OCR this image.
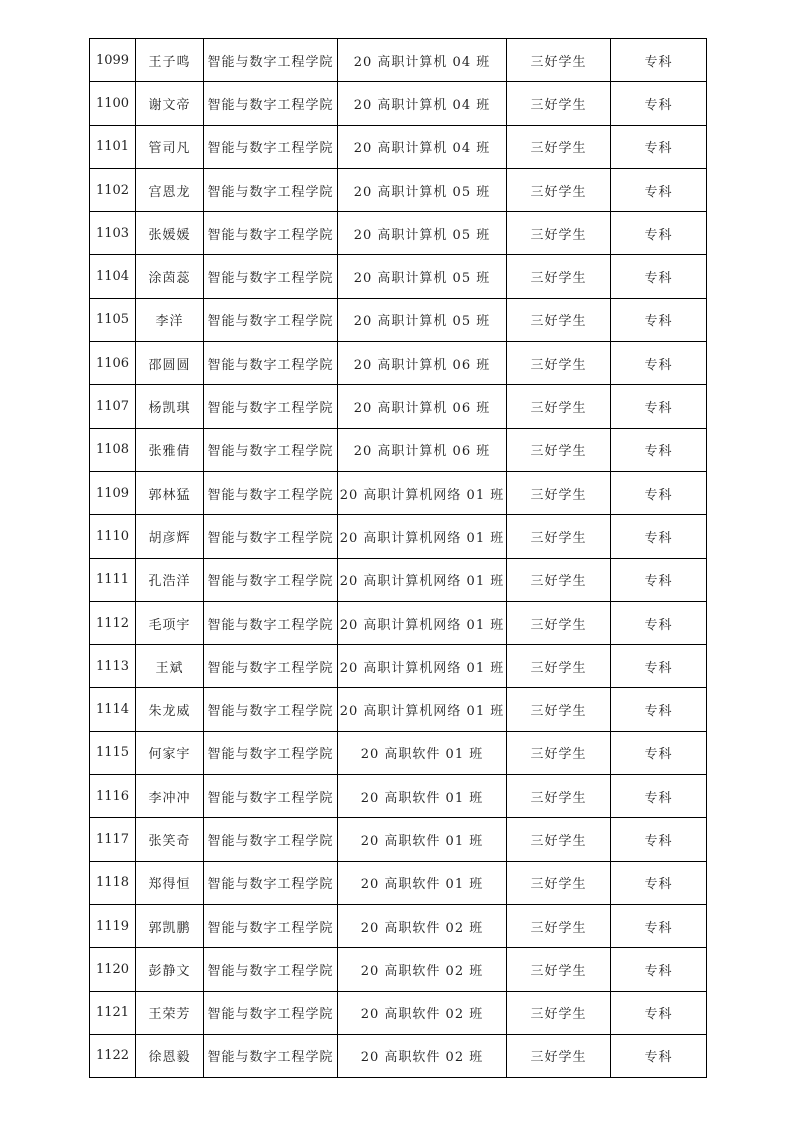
1099	王子鸣	智能与数字工程学院	20 高职计算机 04 班	三好学生	专科
1100	谢文帝	智能与数字工程学院	20 高职计算机 04 班	三好学生	专科
1101	管司凡	智能与数字工程学院	20 高职计算机 04 班	三好学生	专科
1102	宫恩龙	智能与数字工程学院	20 高职计算机 05 班	三好学生	专科
1103	张媛媛	智能与数字工程学院	20 高职计算机 05 班	三好学生	专科
1104	涂茵蕊	智能与数字工程学院	20 高职计算机 05 班	三好学生	专科
1105	李洋	智能与数字工程学院	20 高职计算机 05 班	三好学生	专科
1106	邵圆圆	智能与数字工程学院	20 高职计算机 06 班	三好学生	专科
1107	杨凯琪	智能与数字工程学院	20 高职计算机 06 班	三好学生	专科
1108	张雅倩	智能与数字工程学院	20 高职计算机 06 班	三好学生	专科
1109	郭林猛	智能与数字工程学院	20 高职计算机网络 01 班	三好学生	专科
1110	胡彦辉	智能与数字工程学院	20 高职计算机网络 01 班	三好学生	专科
1111	孔浩洋	智能与数字工程学院	20 高职计算机网络 01 班	三好学生	专科
1112	毛项宇	智能与数字工程学院	20 高职计算机网络 01 班	三好学生	专科
1113	王斌	智能与数字工程学院	20 高职计算机网络 01 班	三好学生	专科
1114	朱龙威	智能与数字工程学院	20 高职计算机网络 01 班	三好学生	专科
1115	何家宇	智能与数字工程学院	20 高职软件 01 班	三好学生	专科
1116	李冲冲	智能与数字工程学院	20 高职软件 01 班	三好学生	专科
1117	张笑奇	智能与数字工程学院	20 高职软件 01 班	三好学生	专科
1118	郑得恒	智能与数字工程学院	20 高职软件 01 班	三好学生	专科
1119	郭凯鹏	智能与数字工程学院	20 高职软件 02 班	三好学生	专科
1120	彭静文	智能与数字工程学院	20 高职软件 02 班	三好学生	专科
1121	王荣芳	智能与数字工程学院	20 高职软件 02 班	三好学生	专科
1122	徐恩毅	智能与数字工程学院	20 高职软件 02 班	三好学生	专科
